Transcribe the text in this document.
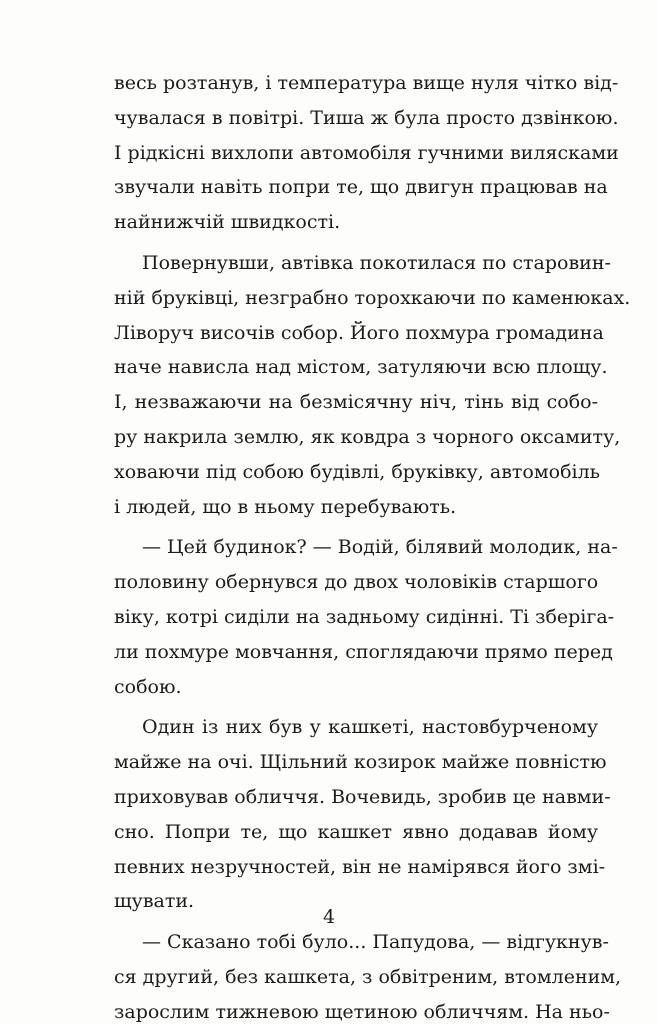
весь розтанув, і температура вище нуля чітко від-
чувалася в повітрі. Тиша ж була просто дзвінкою.
І рідкісні вихлопи автомобіля гучними вилясками
звучали навіть попри те, що двигун працював на
найнижчій швидкості.
Повернувши, автівка покотилася по старовин-
ній бруківці, незграбно торохкаючи по каменюках.
Ліворуч височів собор. Його похмура громадина
наче нависла над містом, затуляючи всю площу.
І, незважаючи на безмісячну ніч, тінь від собо-
ру накрила землю, як ковдра з чорного оксамиту,
ховаючи під собою будівлі, бруківку, автомобіль
і людей, що в ньому перебувають.
— Цей будинок? — Водій, білявий молодик, на-
половину обернувся до двох чоловіків старшого
віку, котрі сиділи на задньому сидінні. Ті зберіга-
ли похмуре мовчання, споглядаючи прямо перед
собою.
Один із них був у кашкеті, настовбурченому
майже на очі. Щільний козирок майже повністю
приховував обличчя. Вочевидь, зробив це навми-
сно. Попри те, що кашкет явно додавав йому
певних незручностей, він не намірявся його змі-
щувати.
— Сказано тобі було... Папудова, — відгукнув-
ся другий, без кашкета, з обвітреним, втомленим,
зарослим тижневою щетиною обличчям. На ньо-
4
